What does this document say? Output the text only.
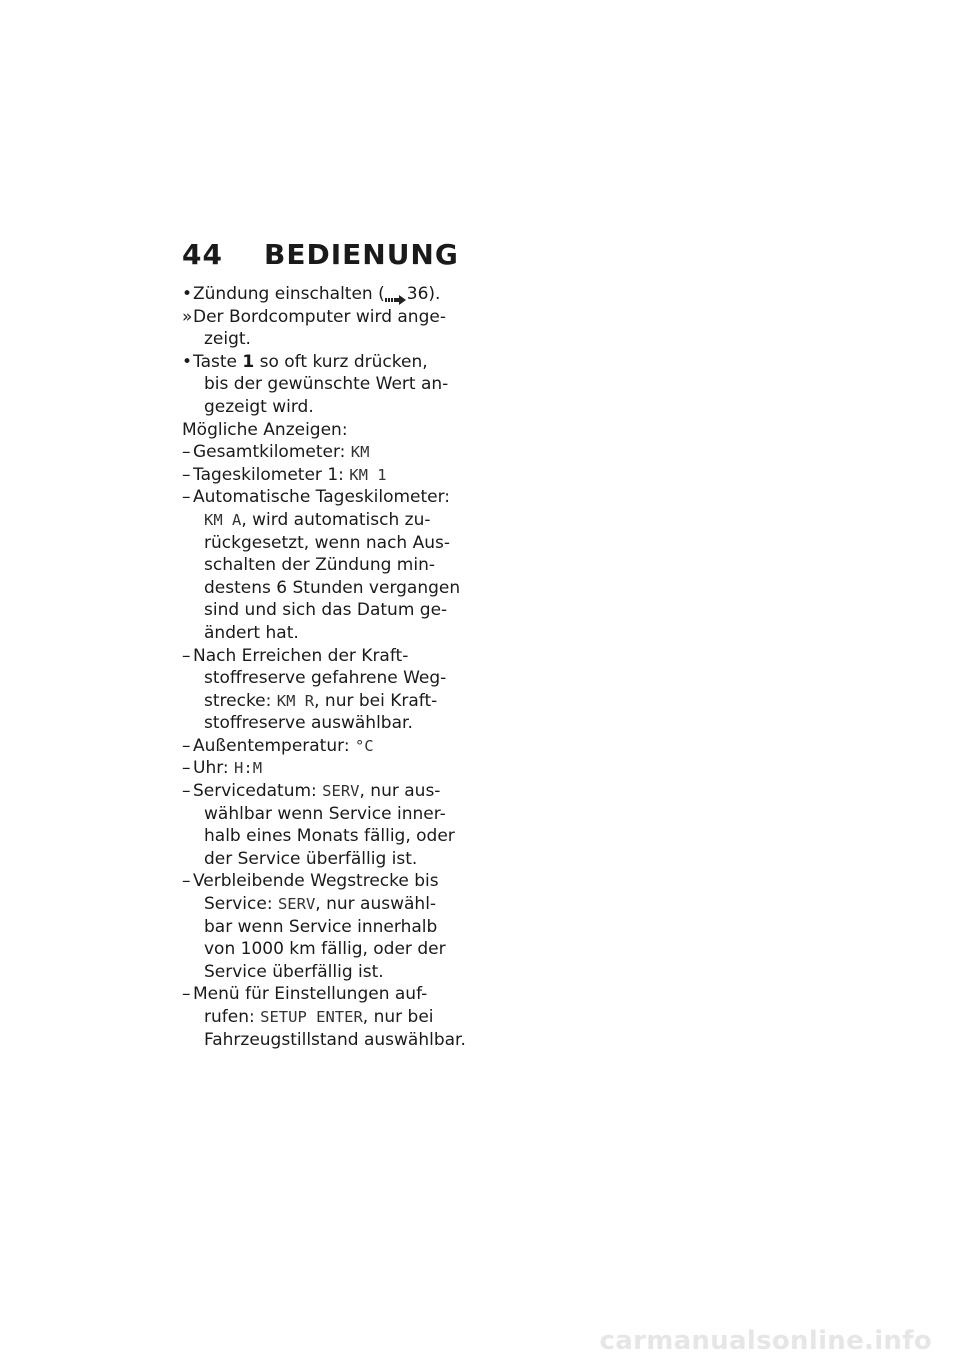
44	BEDIENUNG
• Zündung einschalten ( 36).
» Der Bordcomputer wird ange-
zeigt.
• Taste 1 so oft kurz drücken,
bis der gewünschte Wert an-
gezeigt wird.
Mögliche Anzeigen:
– Gesamtkilometer: KM
– Tageskilometer 1: KM 1
– Automatische Tageskilometer:
KM A, wird automatisch zu-
rückgesetzt, wenn nach Aus-
schalten der Zündung min-
destens 6 Stunden vergangen
sind und sich das Datum ge-
ändert hat.
– Nach Erreichen der Kraft-
stoffreserve gefahrene Weg-
strecke: KM R, nur bei Kraft-
stoffreserve auswählbar.
– Außentemperatur: °C
– Uhr: H:M
– Servicedatum: SERV, nur aus-
wählbar wenn Service inner-
halb eines Monats fällig, oder
der Service überfällig ist.
– Verbleibende Wegstrecke bis
Service: SERV, nur auswähl-
bar wenn Service innerhalb
von 1000 km fällig, oder der
Service überfällig ist.
– Menü für Einstellungen auf-
rufen: SETUP ENTER, nur bei
Fahrzeugstillstand auswählbar.
carmanualsonline.info
